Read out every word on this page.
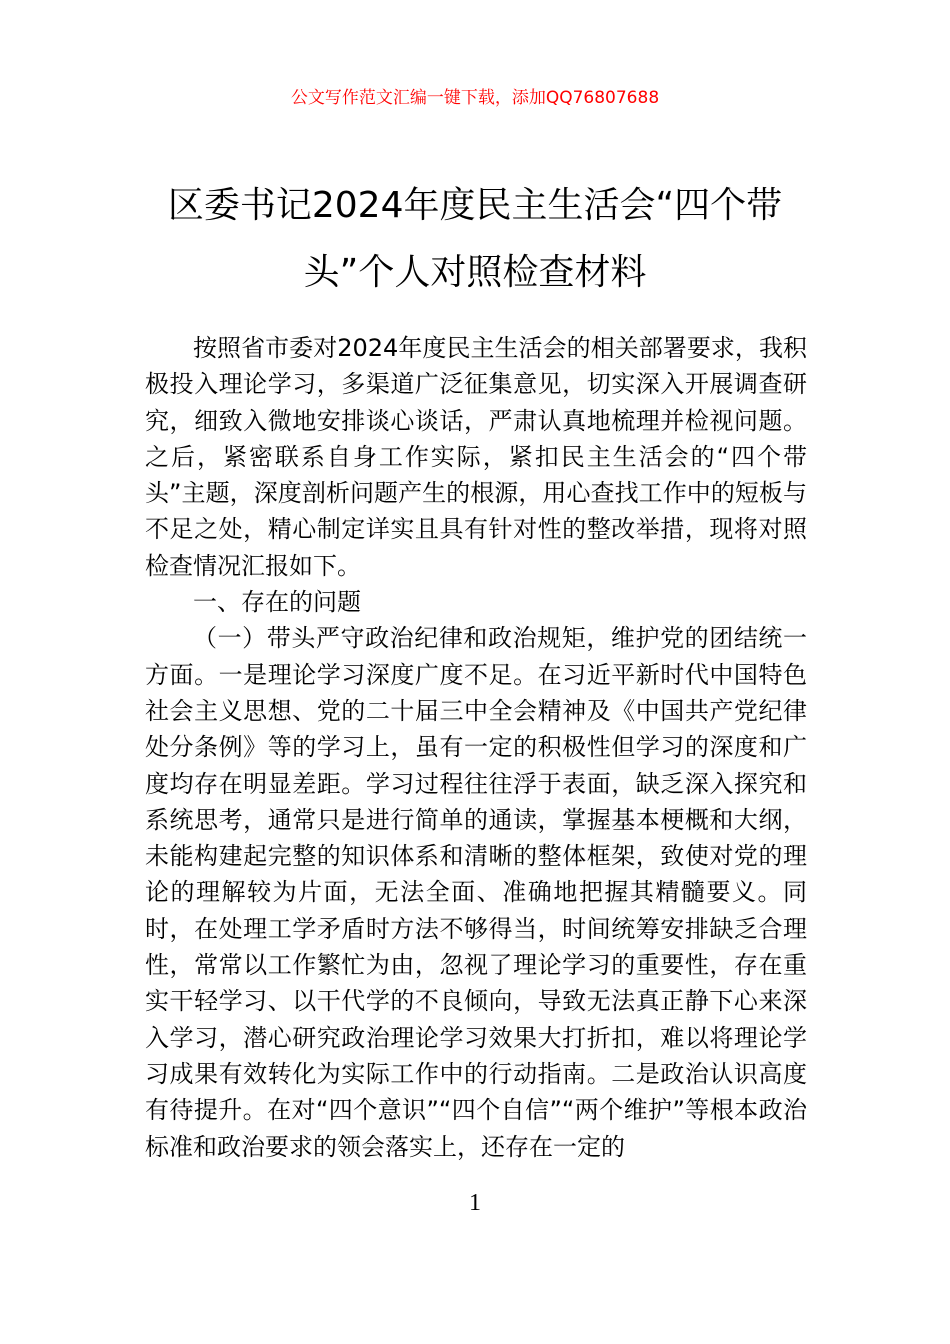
公文写作范文汇编一键下载，添加QQ76807688
区委书记2024年度民主生活会“四个带头”个人对照检查材料

按照省市委对2024年度民主生活会的相关部署要求，我积极投入理论学习，多渠道广泛征集意见，切实深入开展调查研究，细致入微地安排谈心谈话，严肃认真地梳理并检视问题。之后，紧密联系自身工作实际，紧扣民主生活会的“四个带头”主题，深度剖析问题产生的根源，用心查找工作中的短板与不足之处，精心制定详实且具有针对性的整改举措，现将对照检查情况汇报如下。

一、存在的问题

（一）带头严守政治纪律和政治规矩，维护党的团结统一方面。一是理论学习深度广度不足。在习近平新时代中国特色社会主义思想、党的二十届三中全会精神及《中国共产党纪律处分条例》等的学习上，虽有一定的积极性但学习的深度和广度均存在明显差距。学习过程往往浮于表面，缺乏深入探究和系统思考，通常只是进行简单的通读，掌握基本梗概和大纲，未能构建起完整的知识体系和清晰的整体框架，致使对党的理论的理解较为片面，无法全面、准确地把握其精髓要义。同时，在处理工学矛盾时方法不够得当，时间统筹安排缺乏合理性，常常以工作繁忙为由，忽视了理论学习的重要性，存在重实干轻学习、以干代学的不良倾向，导致无法真正静下心来深入学习，潜心研究政治理论学习效果大打折扣，难以将理论学习成果有效转化为实际工作中的行动指南。二是政治认识高度有待提升。在对“四个意识”“四个自信”“两个维护”等根本政治标准和政治要求的领会落实上，还存在一定的

1
